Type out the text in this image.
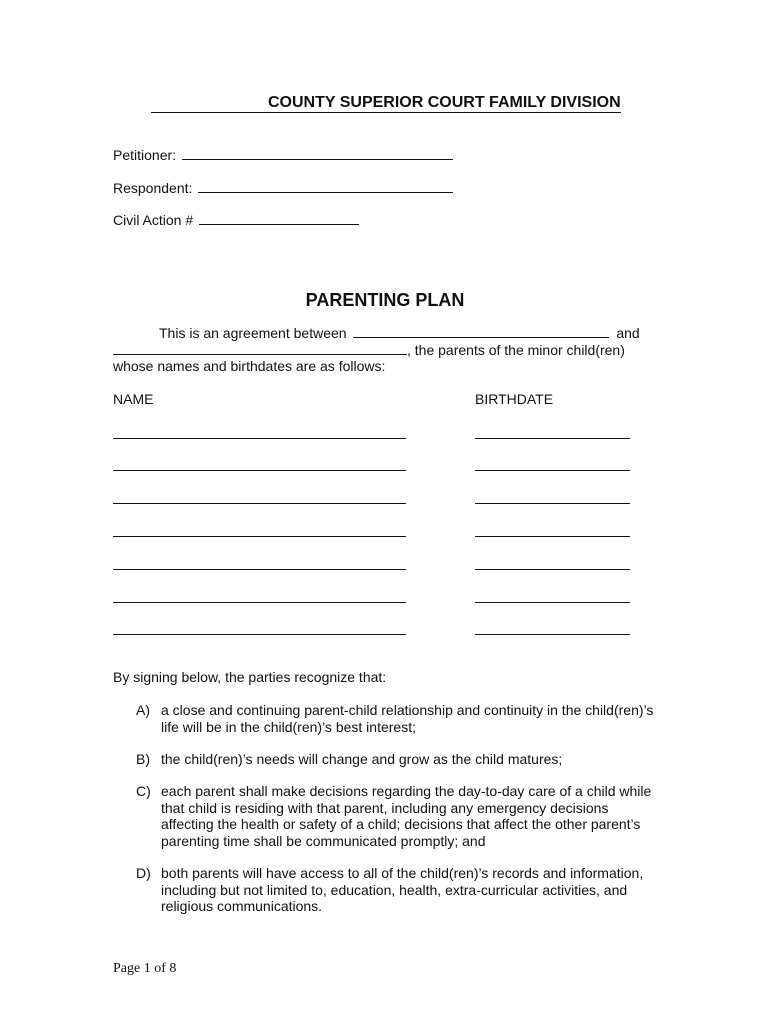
COUNTY SUPERIOR COURT FAMILY DIVISION
Petitioner:
Respondent:
Civil Action #
PARENTING PLAN
This is an agreement between	and
, the parents of the minor child(ren)
whose names and birthdates are as follows:
NAME	BIRTHDATE
By signing below, the parties recognize that:
A) a close and continuing parent-child relationship and continuity in the child(ren)’s
life will be in the child(ren)’s best interest;
B) the child(ren)’s needs will change and grow as the child matures;
C) each parent shall make decisions regarding the day-to-day care of a child while
that child is residing with that parent, including any emergency decisions
affecting the health or safety of a child; decisions that affect the other parent’s
parenting time shall be communicated promptly; and
D) both parents will have access to all of the child(ren)’s records and information,
including but not limited to, education, health, extra-curricular activities, and
religious communications.
Page 1 of 8
